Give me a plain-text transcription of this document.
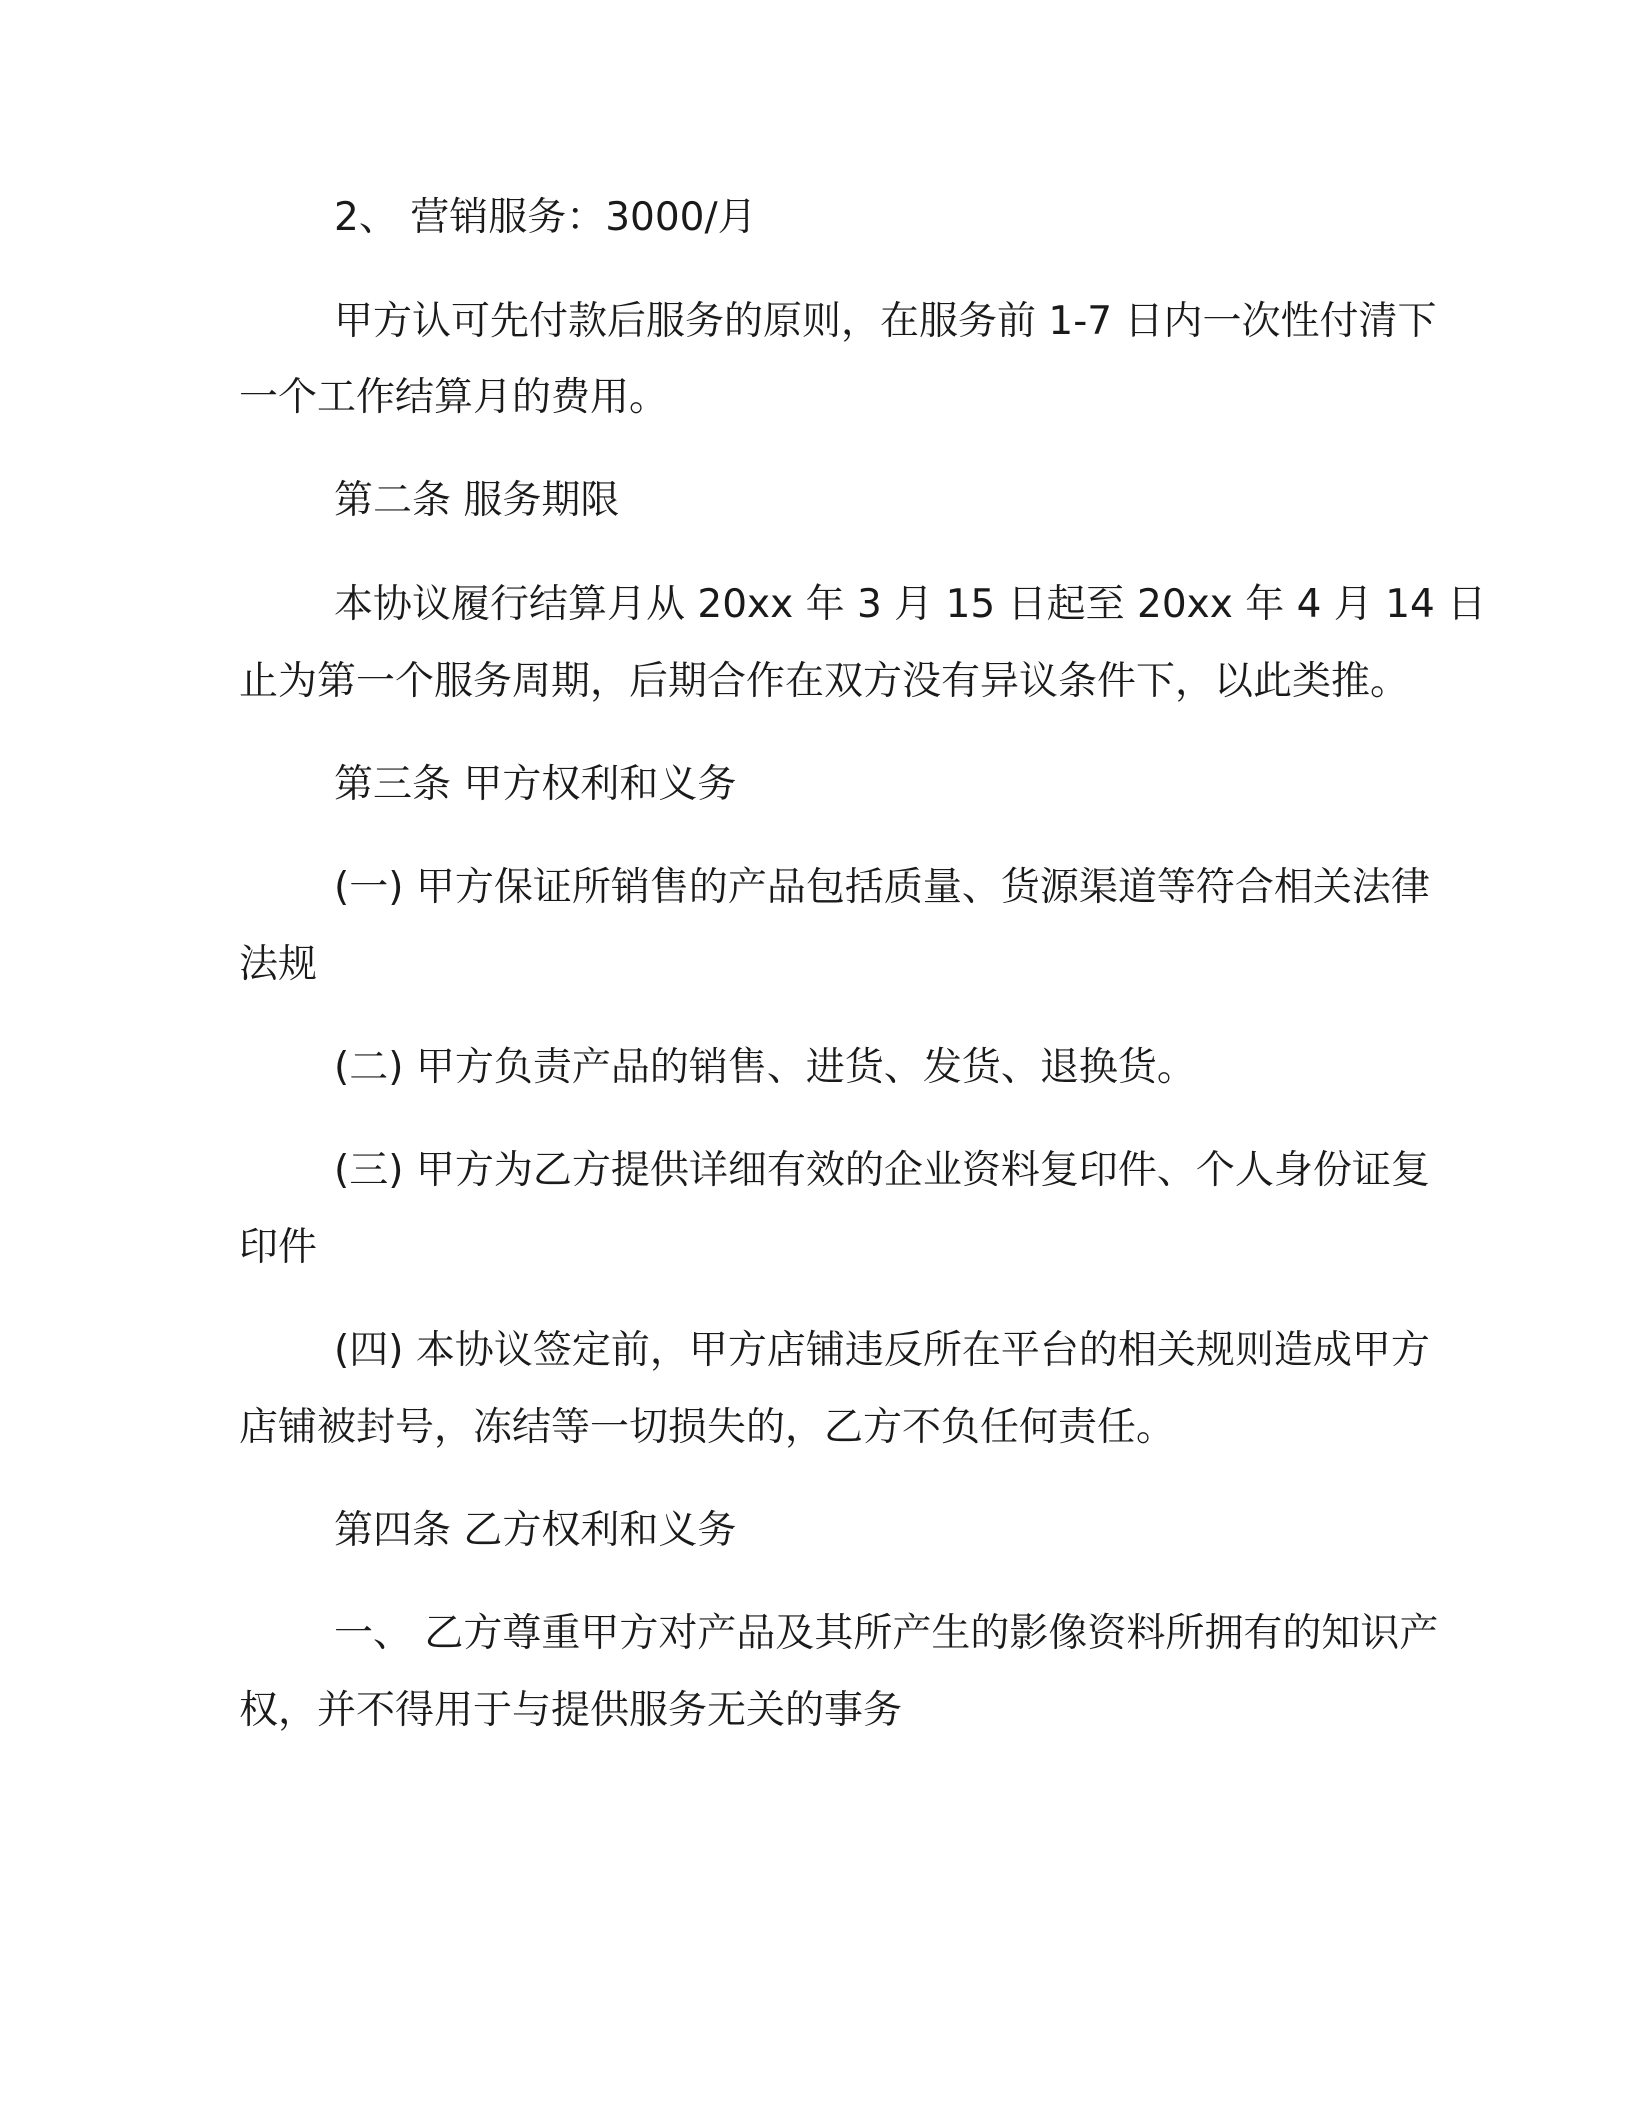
2、 营销服务：3000/月

甲方认可先付款后服务的原则，在服务前 1-7 日内一次性付清下

一个工作结算月的费用。

第二条 服务期限

本协议履行结算月从 20xx 年 3 月 15 日起至 20xx 年 4 月 14 日

止为第一个服务周期，后期合作在双方没有异议条件下，以此类推。

第三条 甲方权利和义务

(一) 甲方保证所销售的产品包括质量、货源渠道等符合相关法律

法规

(二) 甲方负责产品的销售、进货、发货、退换货。

(三) 甲方为乙方提供详细有效的企业资料复印件、个人身份证复

印件

(四) 本协议签定前，甲方店铺违反所在平台的相关规则造成甲方

店铺被封号，冻结等一切损失的，乙方不负任何责任。

第四条 乙方权利和义务

一、 乙方尊重甲方对产品及其所产生的影像资料所拥有的知识产

权，并不得用于与提供服务无关的事务
